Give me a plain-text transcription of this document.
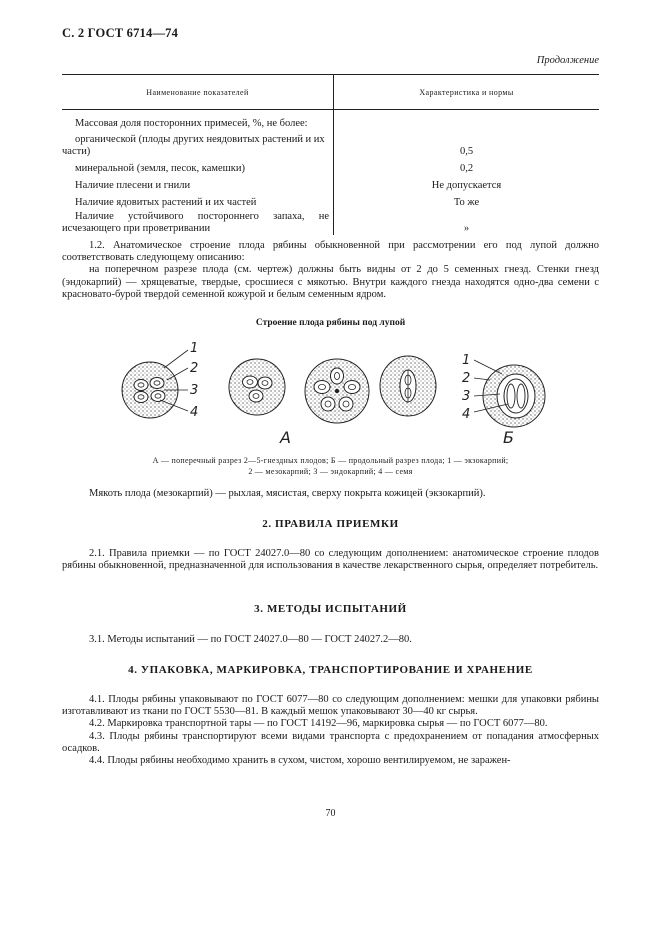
С. 2 ГОСТ 6714—74
Продолжение
Наименование показателей	Характеристика и нормы
Массовая доля посторонних примесей, %, не более:	

органической (плоды других неядовитых растений и их части)	0,5
минеральной (земля, песок, камешки)	0,2
Наличие плесени и гнили	Не допускается
Наличие ядовитых растений и их частей	То же

Наличие устойчивого постороннего запаха, не исчезающего при проветривании	»

1.2. Анатомическое строение плода рябины обыкновенной при рассмотрении его под лупой должно соответствовать следующему описанию:

на поперечном разрезе плода (см. чертеж) должны быть видны от 2 до 5 семенных гнезд. Стенки гнезд (эндокарпий) — хрящеватые, твердые, сросшиеся с мякотью. Внутри каждого гнезда находятся одно-два семени с красновато-бурой твердой семенной кожурой и белым семенным ядром.

Строение плода рябины под лупой
1
2
3
4
1
2
3
4
А	Б
А — поперечный разрез 2—5-гнездных плодов; Б — продольный разрез плода; 1 — экзокарпий;
2 — мезокарпий; 3 — эндокарпий; 4 — семя

Мякоть плода (мезокарпий) — рыхлая, мясистая, сверху покрыта кожицей (экзокарпий).

2. ПРАВИЛА ПРИЕМКИ

2.1. Правила приемки — по ГОСТ 24027.0—80 со следующим дополнением: анатомическое строение плодов рябины обыкновенной, предназначенной для использования в качестве лекарственного сырья, определяет потребитель.

3. МЕТОДЫ ИСПЫТАНИЙ

3.1. Методы испытаний — по ГОСТ 24027.0—80 — ГОСТ 24027.2—80.

4. УПАКОВКА, МАРКИРОВКА, ТРАНСПОРТИРОВАНИЕ И ХРАНЕНИЕ

4.1. Плоды рябины упаковывают по ГОСТ 6077—80 со следующим дополнением: мешки для упаковки рябины изготавливают из ткани по ГОСТ 5530—81. В каждый мешок упаковывают 30—40 кг сырья.

4.2. Маркировка транспортной тары — по ГОСТ 14192—96, маркировка сырья — по ГОСТ 6077—80.

4.3. Плоды рябины транспортируют всеми видами транспорта с предохранением от попадания атмосферных осадков.

4.4. Плоды рябины необходимо хранить в сухом, чистом, хорошо вентилируемом, не заражен-

70
